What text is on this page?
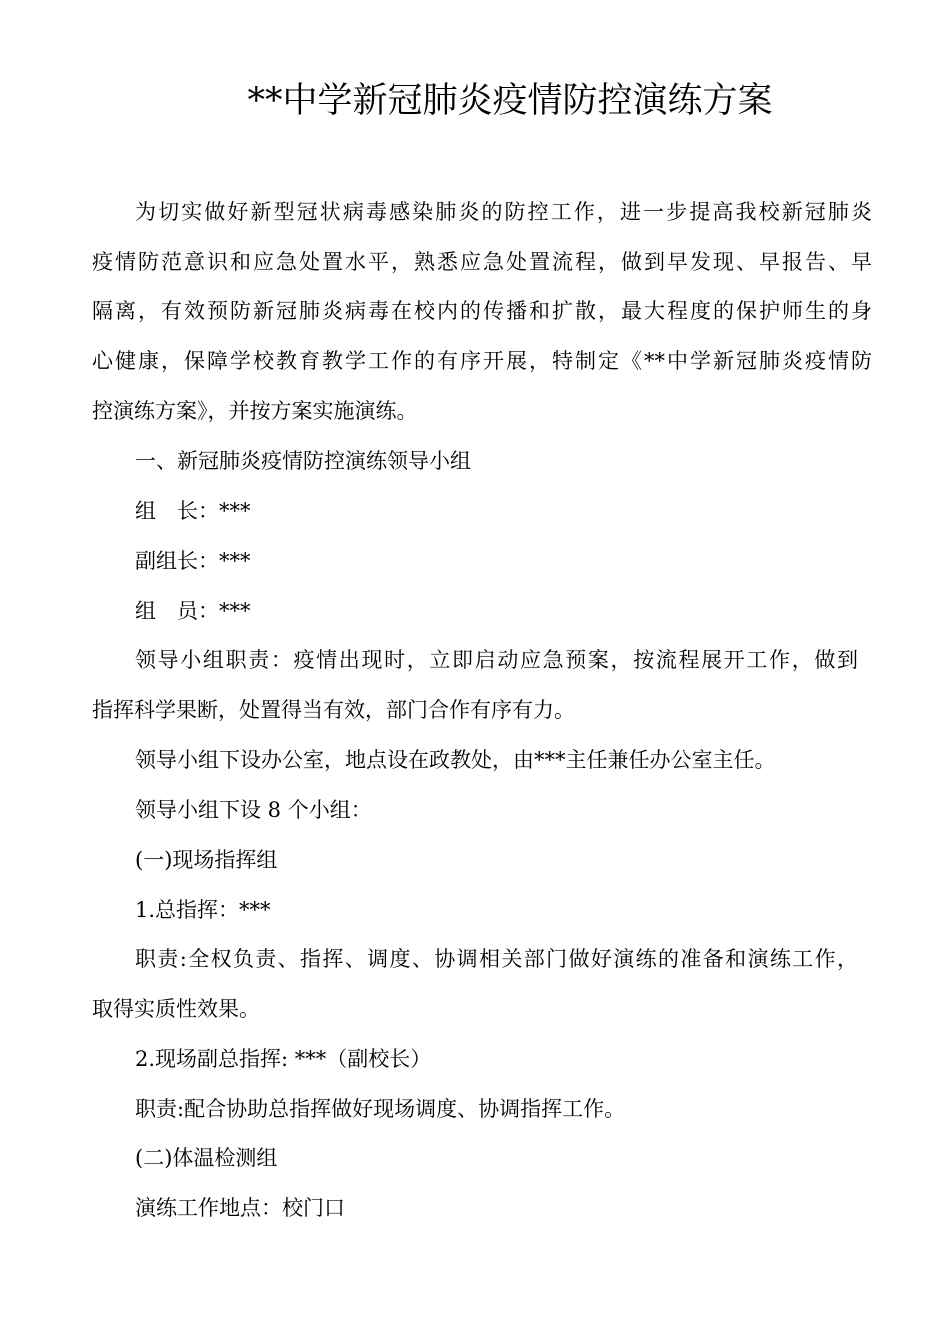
**中学新冠肺炎疫情防控演练方案
为切实做好新型冠状病毒感染肺炎的防控工作，进一步提高我校新冠肺炎
疫情防范意识和应急处置水平，熟悉应急处置流程，做到早发现、早报告、早
隔离，有效预防新冠肺炎病毒在校内的传播和扩散，最大程度的保护师生的身
心健康，保障学校教育教学工作的有序开展，特制定《**中学新冠肺炎疫情防
控演练方案》，并按方案实施演练。
一、新冠肺炎疫情防控演练领导小组
组　长：***
副组长：***
组　员：***
领导小组职责：疫情出现时，立即启动应急预案，按流程展开工作，做到
指挥科学果断，处置得当有效，部门合作有序有力。
领导小组下设办公室，地点设在政教处，由***主任兼任办公室主任。
领导小组下设 8 个小组：
(一)现场指挥组
1.总指挥：***
职责:全权负责、指挥、调度、协调相关部门做好演练的准备和演练工作，
取得实质性效果。
2.现场副总指挥: ***（副校长）
职责:配合协助总指挥做好现场调度、协调指挥工作。
(二)体温检测组
演练工作地点：校门口
